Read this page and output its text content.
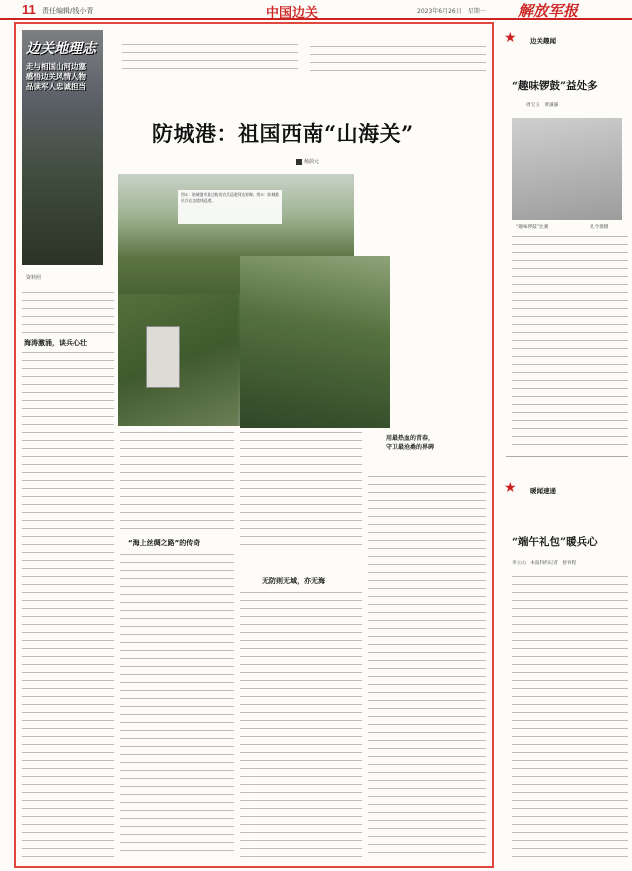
11 责任编辑/钱小青	中国边关	2023年6月26日　星期一 解放军报
边关地理志
走与相国山河边塞
感悟边关风情人物
品读军人忠诚担当
资料照
防城港：祖国西南“山海关”
杨蔚元
图①：防城港市某边防连官兵巡逻到达界碑。图②：防城港民兵在边境线巡逻。
用最热血的青春，
守卫最沧桑的界碑
海涛激涌，谈兵心壮
“海上丝绸之路”的传奇
无防则无域，亦无海
★ 边关趣闻
“趣味锣鼓”益处多
周宝玉　黄谦谦
“趣味锣鼓”比赛	孔令群摄
★ 暖闻速递
“端午礼包”暖兵心
李立山　本报特约记者　舒祥程
